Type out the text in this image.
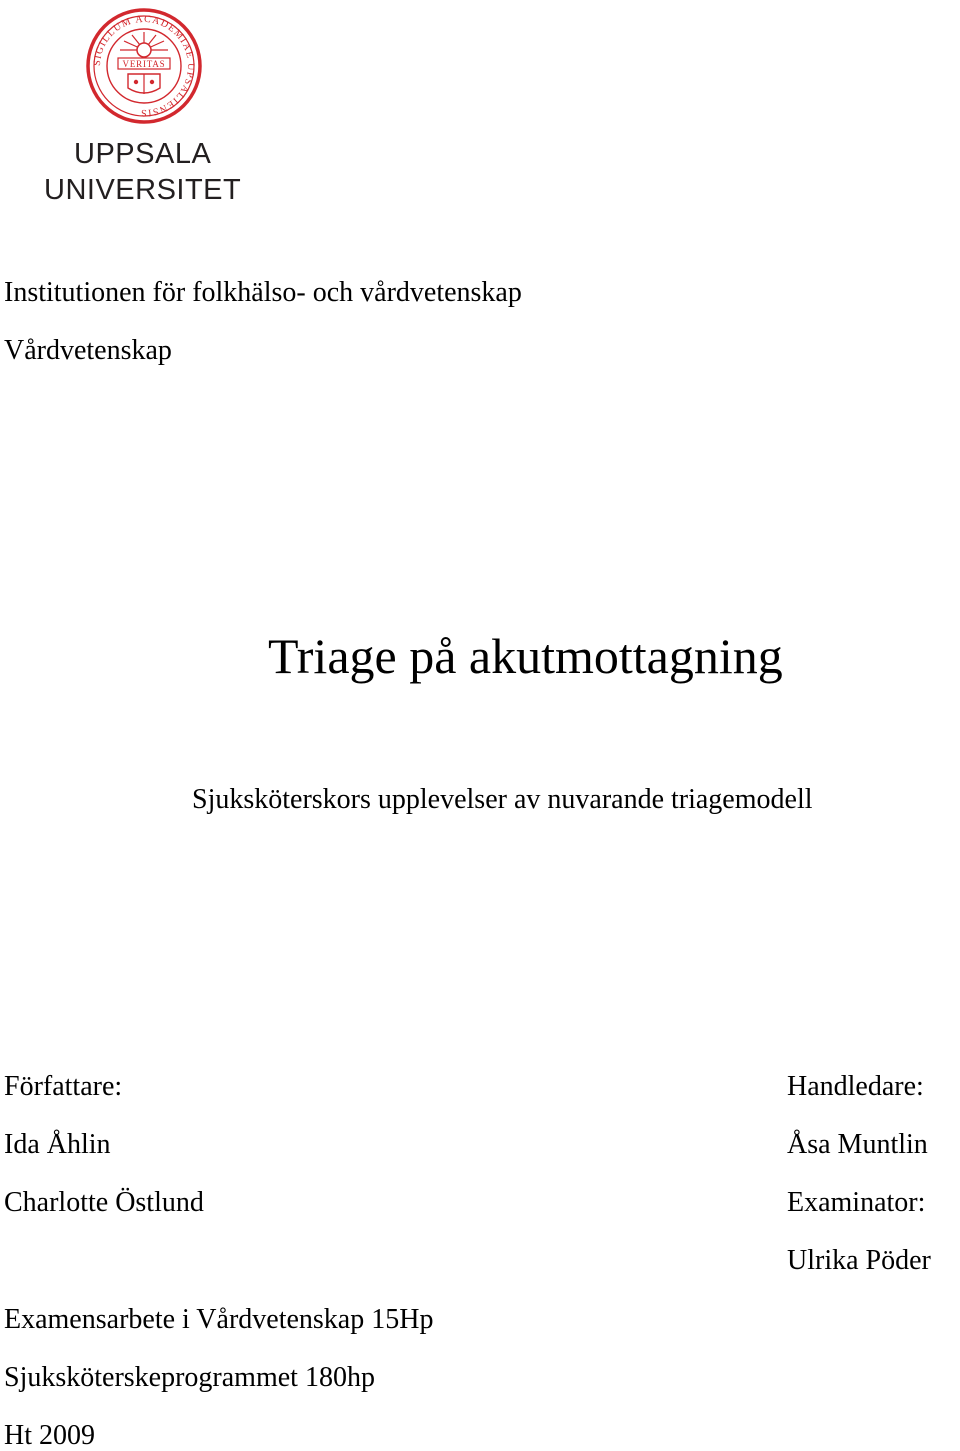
SIGILLUM ACADEMIAE UPSALIENSIS
VERITAS
UPPSALA
UNIVERSITET
Institutionen för folkhälso- och vårdvetenskap
Vårdvetenskap
Triage på akutmottagning
Sjuksköterskors upplevelser av nuvarande triagemodell
Författare:
Ida Åhlin
Charlotte Östlund
Handledare:
Åsa Muntlin
Examinator:
Ulrika Pöder
Examensarbete i Vårdvetenskap 15Hp
Sjuksköterskeprogrammet 180hp
Ht 2009
